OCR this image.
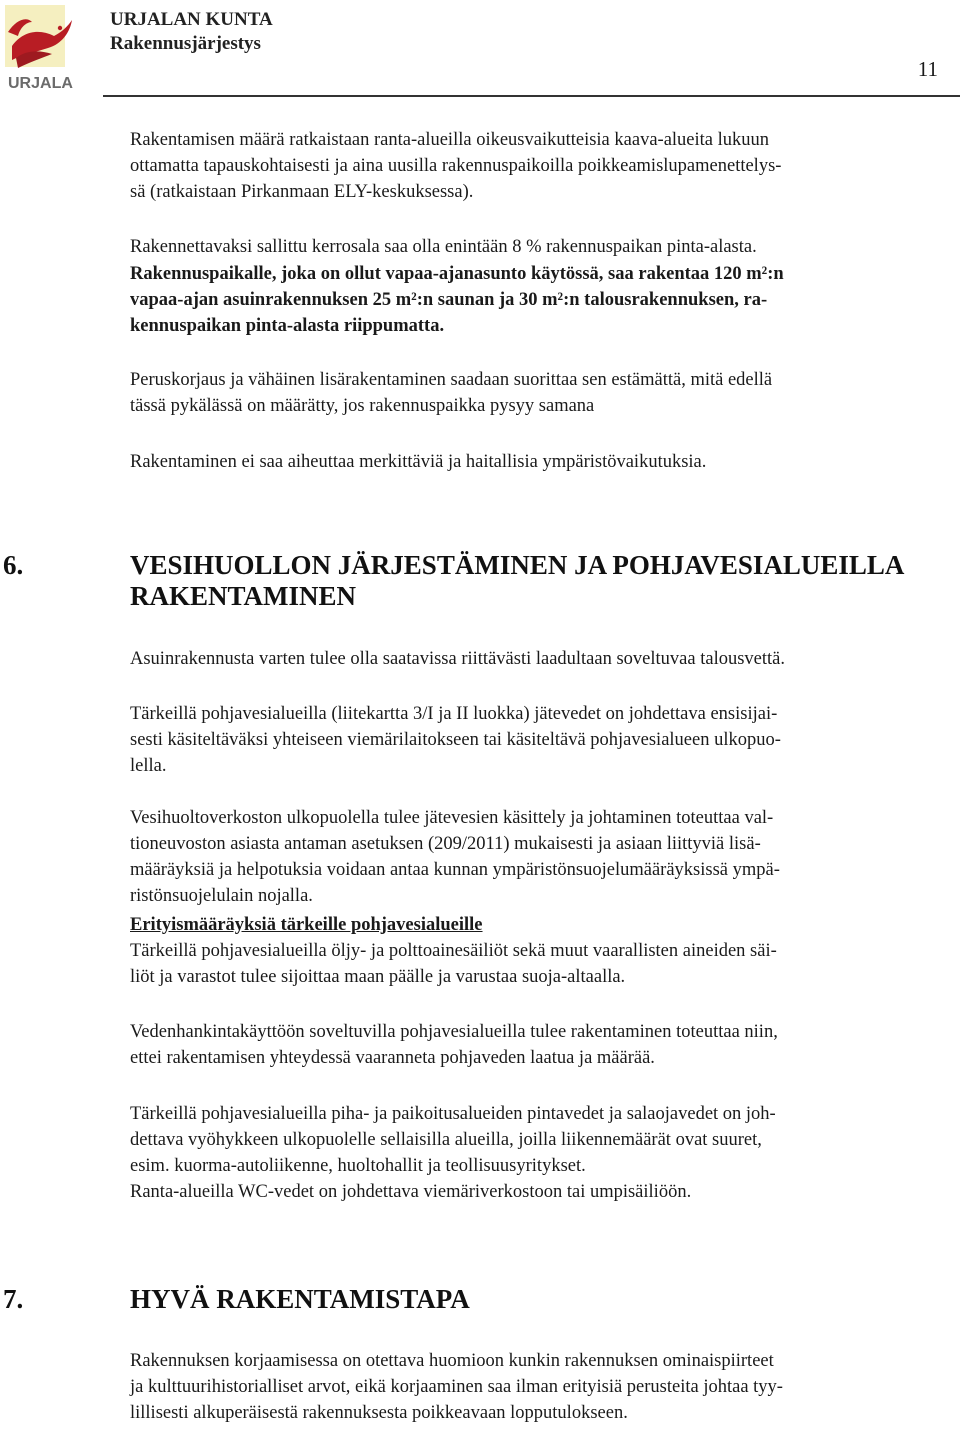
URJALA
URJALAN KUNTA
Rakennusjärjestys
11
Rakentamisen määrä ratkaistaan ranta-alueilla oikeusvaikutteisia kaava-alueita lukuun
ottamatta tapauskohtaisesti ja aina uusilla rakennuspaikoilla poikkeamislupamenettelys-
sä (ratkaistaan Pirkanmaan ELY-keskuksessa).
Rakennettavaksi sallittu kerrosala saa olla enintään 8 % rakennuspaikan pinta-alasta.
Rakennuspaikalle, joka on ollut vapaa-ajanasunto käytössä, saa rakentaa 120 m²:n
vapaa-ajan asuinrakennuksen 25 m²:n saunan ja 30 m²:n talousrakennuksen, ra-
kennuspaikan pinta-alasta riippumatta.
Peruskorjaus ja vähäinen lisärakentaminen saadaan suorittaa sen estämättä, mitä edellä
tässä pykälässä on määrätty, jos rakennuspaikka pysyy samana
Rakentaminen ei saa aiheuttaa merkittäviä ja haitallisia ympäristövaikutuksia.
6.	VESIHUOLLON JÄRJESTÄMINEN JA POHJAVESIALUEILLA
RAKENTAMINEN
Asuinrakennusta varten tulee olla saatavissa riittävästi laadultaan soveltuvaa talousvettä.
Tärkeillä pohjavesialueilla (liitekartta 3/I ja II luokka) jätevedet on johdettava ensisijai-
sesti käsiteltäväksi yhteiseen viemärilaitokseen tai käsiteltävä pohjavesialueen ulkopuo-
lella.
Vesihuoltoverkoston ulkopuolella tulee jätevesien käsittely ja johtaminen toteuttaa val-
tioneuvoston asiasta antaman asetuksen (209/2011) mukaisesti ja asiaan liittyviä lisä-
määräyksiä ja helpotuksia voidaan antaa kunnan ympäristönsuojelumääräyksissä ympä-
ristönsuojelulain nojalla.
Erityismääräyksiä tärkeille pohjavesialueille
Tärkeillä pohjavesialueilla öljy- ja polttoainesäiliöt sekä muut vaarallisten aineiden säi-
liöt ja varastot tulee sijoittaa maan päälle ja varustaa suoja-altaalla.
Vedenhankintakäyttöön soveltuvilla pohjavesialueilla tulee rakentaminen toteuttaa niin,
ettei rakentamisen yhteydessä vaaranneta pohjaveden laatua ja määrää.
Tärkeillä pohjavesialueilla piha- ja paikoitusalueiden pintavedet ja salaojavedet on joh-
dettava vyöhykkeen ulkopuolelle sellaisilla alueilla, joilla liikennemäärät ovat suuret,
esim. kuorma-autoliikenne, huoltohallit ja teollisuusyritykset.
Ranta-alueilla WC-vedet on johdettava viemäriverkostoon tai umpisäiliöön.
7.	HYVÄ RAKENTAMISTAPA
Rakennuksen korjaamisessa on otettava huomioon kunkin rakennuksen ominaispiirteet
ja kulttuurihistorialliset arvot, eikä korjaaminen saa ilman erityisiä perusteita johtaa tyy-
lillisesti alkuperäisestä rakennuksesta poikkeavaan lopputulokseen.
